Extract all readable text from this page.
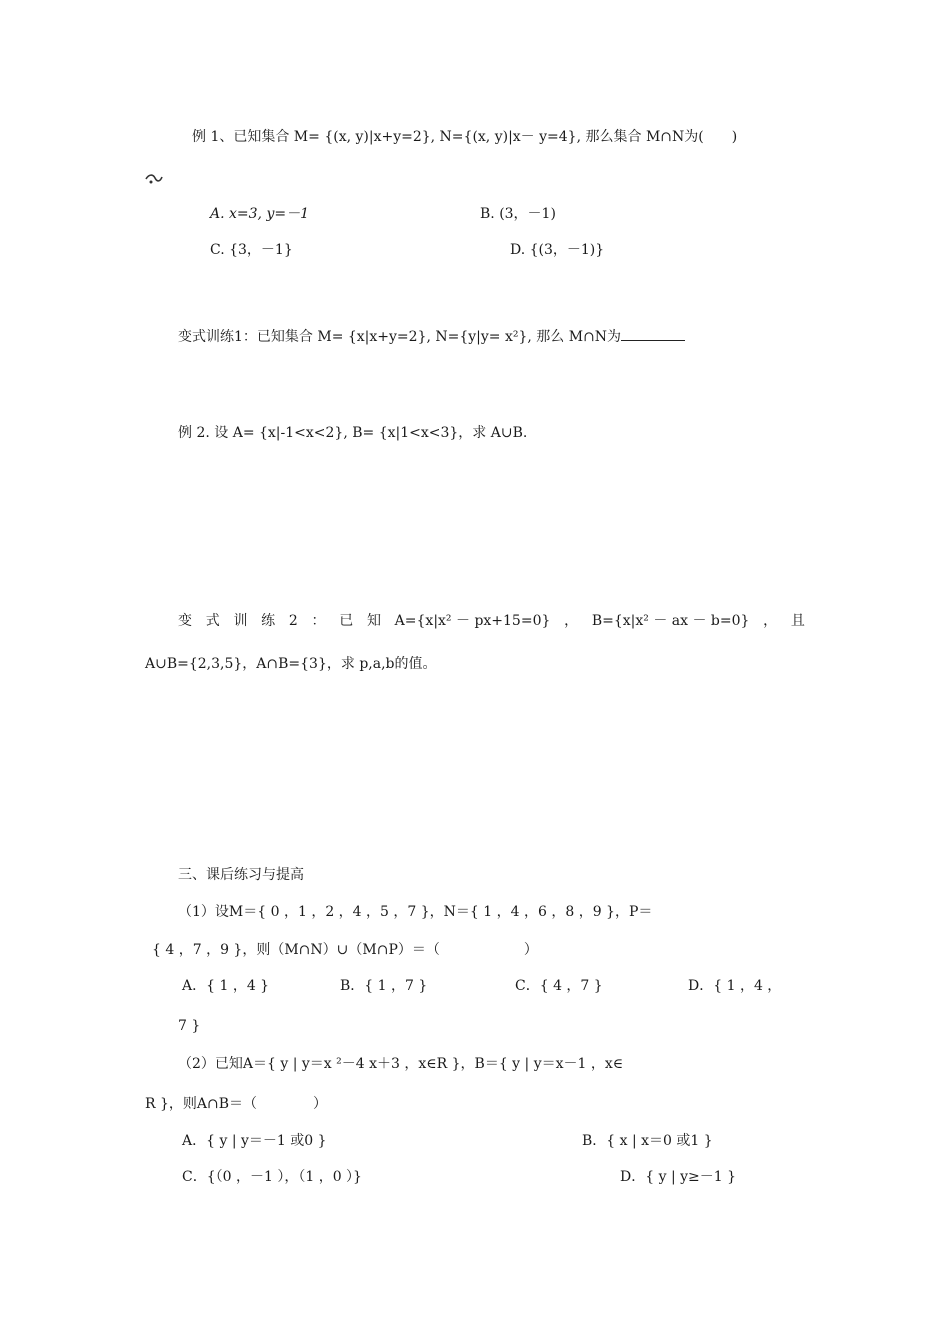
例 1、已知集合 M= {(x, y)|x+y=2}, N={(x, y)|x－ y=4}, 那么集合 M∩N为(　　)
A. x=3, y=－1	B. (3，－1)
C. {3，－1}	D. {(3，－1)}
变式训练1：已知集合 M= {x|x+y=2}, N={y|y= x²}, 那么 M∩N为
例 2. 设 A= {x|-1<x<2}, B= {x|1<x<3}，求 A∪B.
变 式 训 练 2 ： 已 知 A={x|x² － px+15=0} ， B={x|x² － ax － b=0} ， 且
A∪B={2,3,5}，A∩B={3}，求 p,a,b的值。
三、课后练习与提高
（1）设M＝{ 0 ，1 ，2 ，4 ，5 ，7 }，N＝{ 1 ，4 ，6 ，8 ，9 }，P＝
{ 4 ，7 ，9 }，则（M∩N）∪（M∩P）＝（　　　　　　）
A．{ 1 ，4 }	B．{ 1 ，7 }	C．{ 4 ，7 }	D．{ 1 ，4 ，
7 }
（2）已知A＝{ y | y＝x ²－4 x＋3 ，x∈R }，B＝{ y | y＝x－1 ，x∈
R }，则A∩B＝（　　　　）
A．{ y | y＝－1 或0 }	B．{ x | x＝0 或1 }
C．{（0 ，－1 ），（1 ，0 ）}	D．{ y | y≥－1 }
